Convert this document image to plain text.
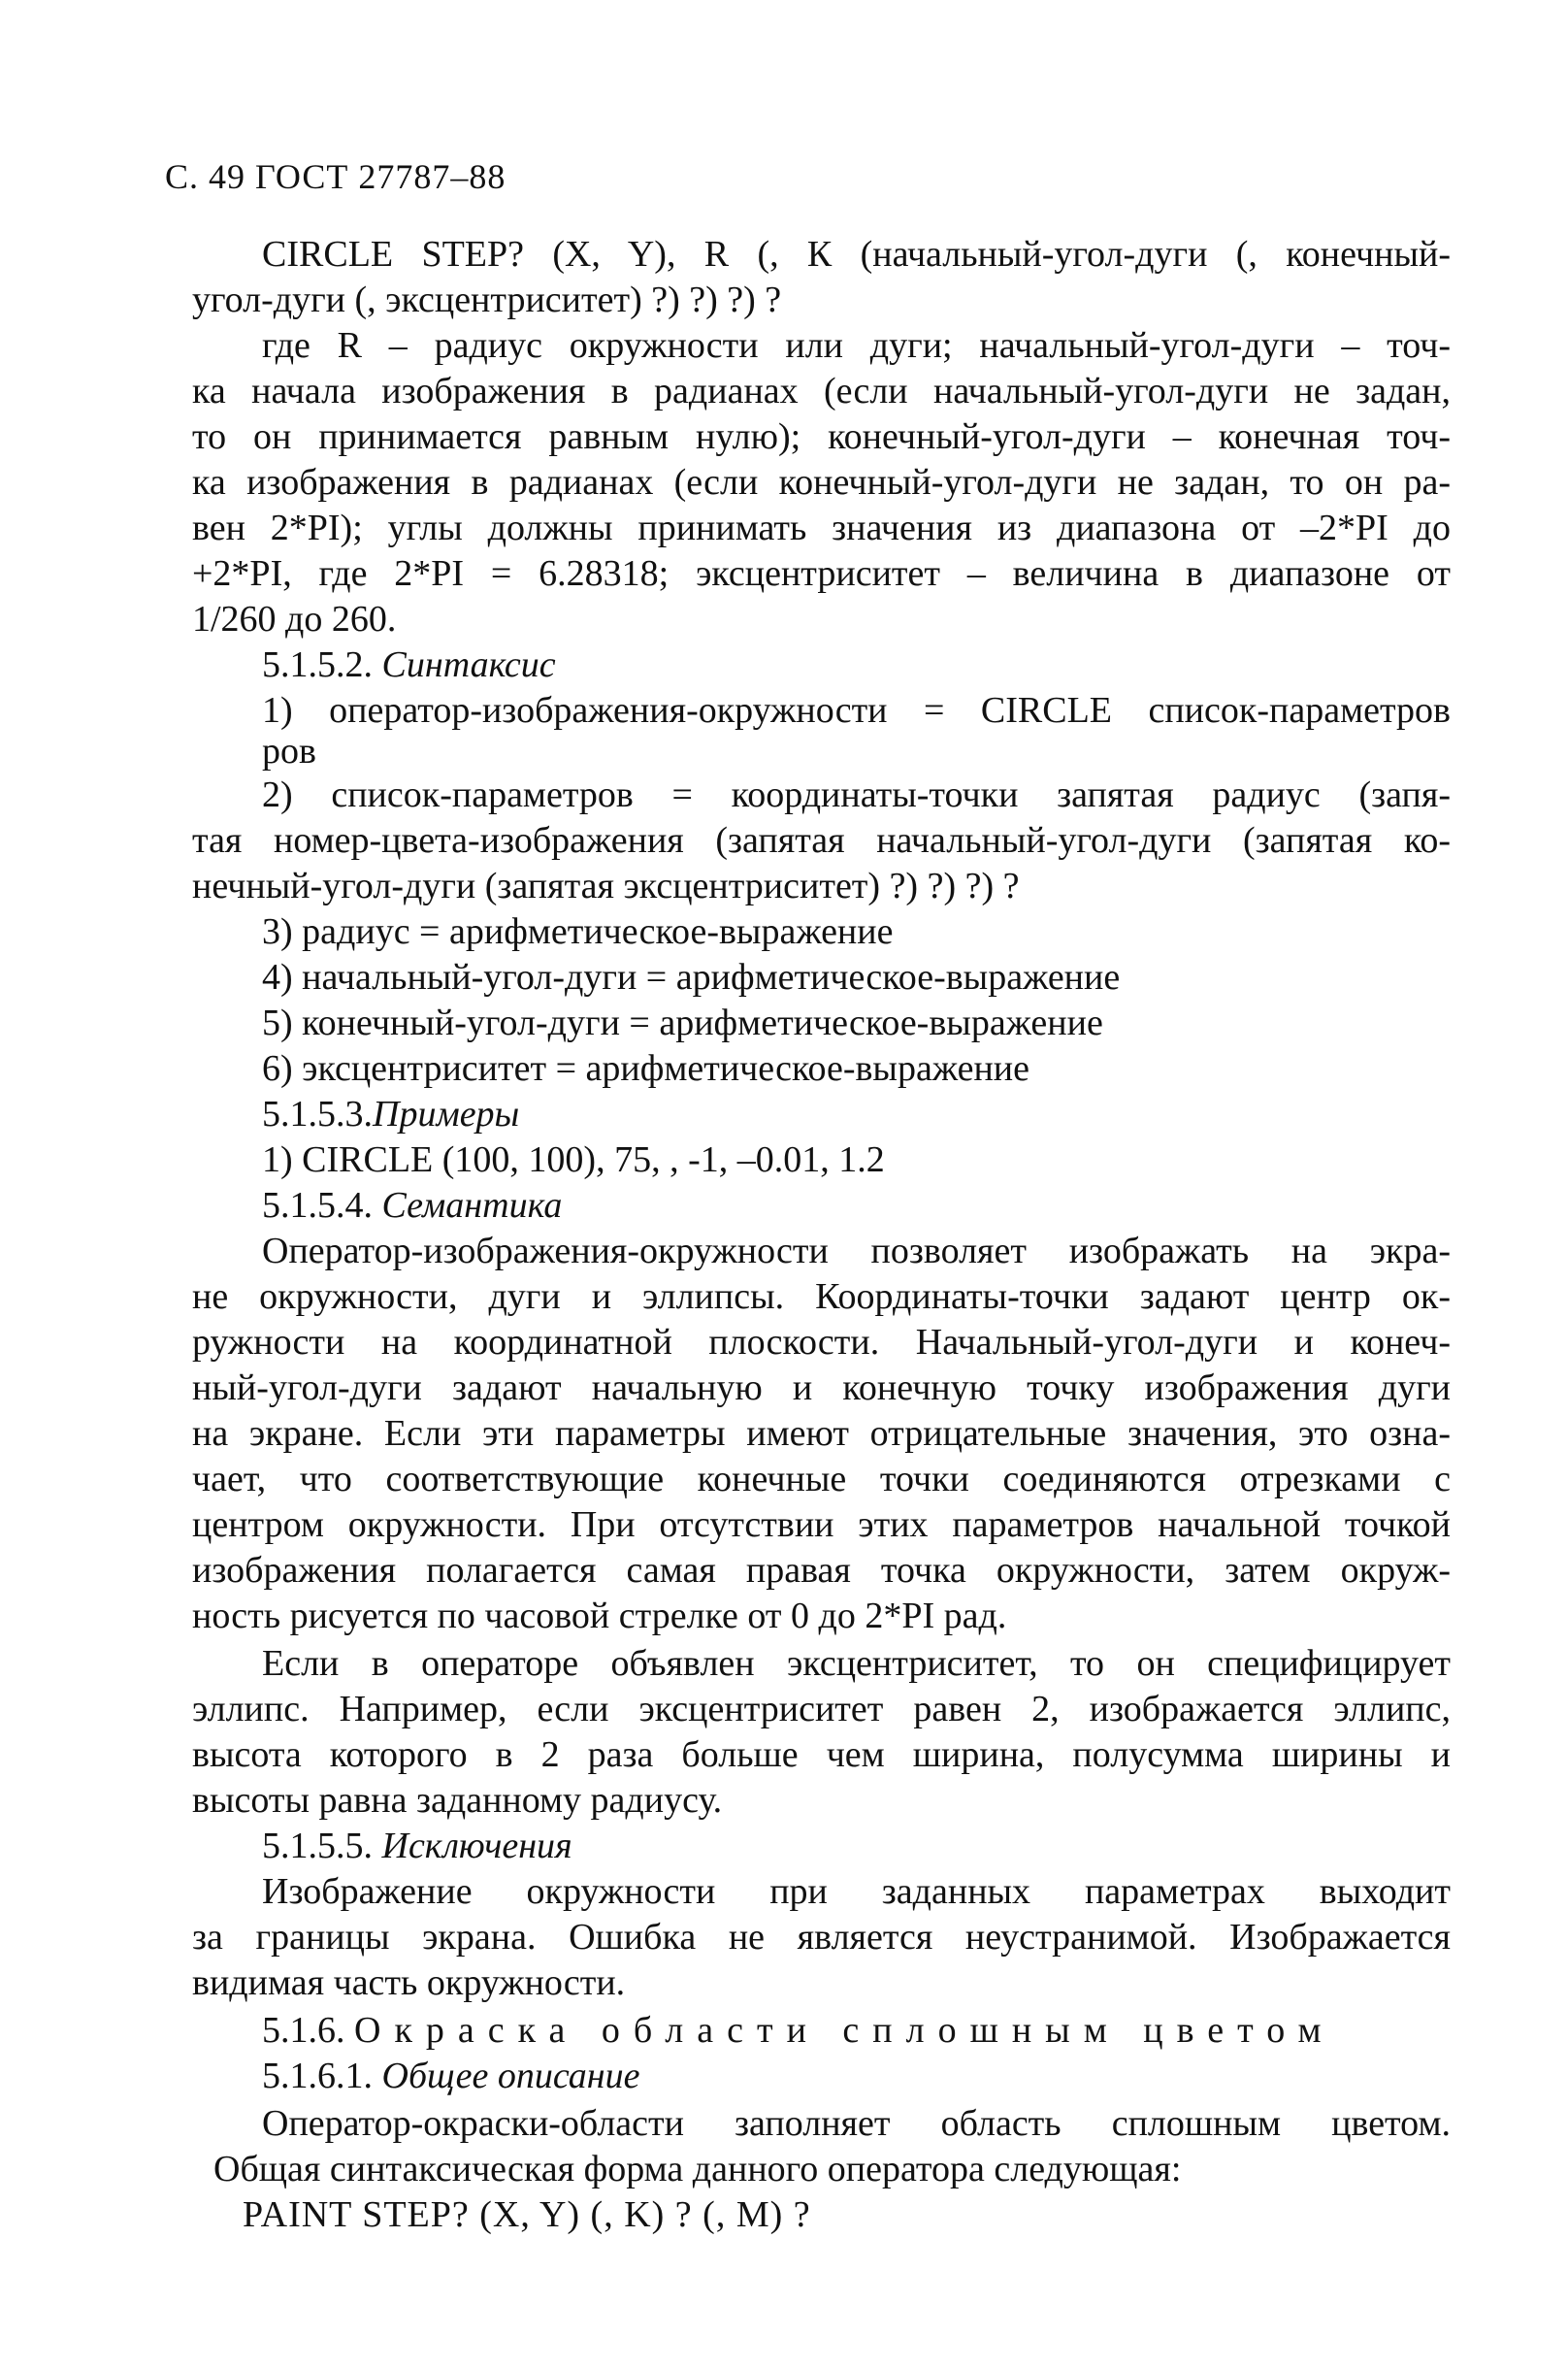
С. 49 ГОСТ 27787–88
CIRCLE STEP? (X, Y), R (, К (начальный-угол-дуги (, конечный-
угол-дуги (, эксцентриситет) ?) ?) ?) ?
где R – радиус окружности или дуги; начальный-угол-дуги – точ-
ка начала изображения в радианах (если начальный-угол-дуги не задан,
то он принимается равным нулю); конечный-угол-дуги – конечная точ-
ка изображения в радианах (если конечный-угол-дуги не задан, то он ра-
вен 2*PI); углы должны принимать значения из диапазона от –2*PI до
+2*PI, где 2*PI = 6.28318; эксцентриситет – величина в диапазоне от
1/260 до 260.
5.1.5.2. Синтаксис
1) оператор-изображения-окружности = CIRCLE список-параметров
ров
2) список-параметров = координаты-точки запятая радиус (запя-
тая номер-цвета-изображения (запятая начальный-угол-дуги (запятая ко-
нечный-угол-дуги (запятая эксцентриситет) ?) ?) ?) ?
3) радиус = арифметическое-выражение
4) начальный-угол-дуги = арифметическое-выражение
5) конечный-угол-дуги = арифметическое-выражение
6) эксцентриситет = арифметическое-выражение
5.1.5.3.Примеры
1) CIRCLE (100, 100), 75, , -1, –0.01, 1.2
5.1.5.4. Семантика
Оператор-изображения-окружности позволяет изображать на экра-
не окружности, дуги и эллипсы. Координаты-точки задают центр ок-
ружности на координатной плоскости. Начальный-угол-дуги и конеч-
ный-угол-дуги задают начальную и конечную точку изображения дуги
на экране. Если эти параметры имеют отрицательные значения, это озна-
чает, что соответствующие конечные точки соединяются отрезками с
центром окружности. При отсутствии этих параметров начальной точкой
изображения полагается самая правая точка окружности, затем окруж-
ность рисуется по часовой стрелке от 0 до 2*PI рад.
Если в операторе объявлен эксцентриситет, то он специфицирует
эллипс. Например, если эксцентриситет равен 2, изображается эллипс,
высота которого в 2 раза больше чем ширина, полусумма ширины и
высоты равна заданному радиусу.
5.1.5.5. Исключения
Изображение окружности при заданных параметрах выходит
за границы экрана. Ошибка не является неустранимой. Изображается
видимая часть окружности.
5.1.6. Окраска области сплошным цветом
5.1.6.1. Общее описание
Оператор-окраски-области заполняет область сплошным цветом.
Общая синтаксическая форма данного оператора следующая:
PAINT STEP? (X, Y) (, K) ? (, M) ?
